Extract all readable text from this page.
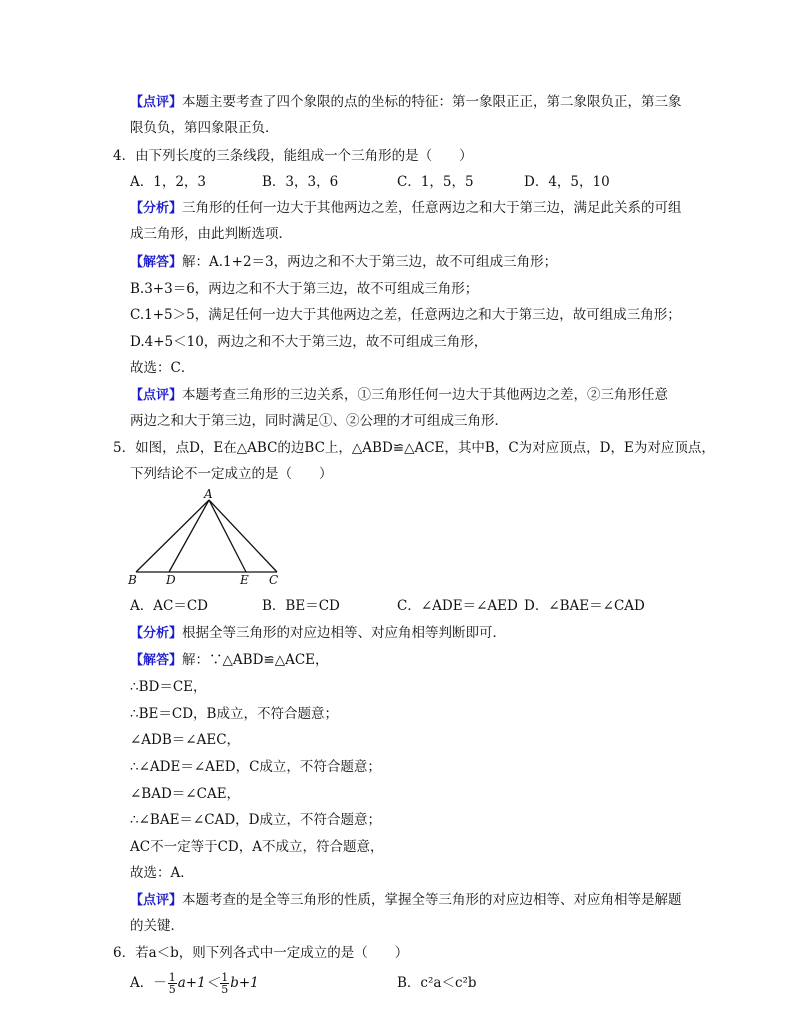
【点评】本题主要考查了四个象限的点的坐标的特征：第一象限正正，第二象限负正，第三象
限负负，第四象限正负．
4．由下列长度的三条线段，能组成一个三角形的是（　　）
A．1，2，3	B．3，3，6	C．1，5，5	D．4，5，10
【分析】三角形的任何一边大于其他两边之差，任意两边之和大于第三边，满足此关系的可组
成三角形，由此判断选项．
【解答】解：A.1+2＝3，两边之和不大于第三边，故不可组成三角形；
B.3+3＝6，两边之和不大于第三边，故不可组成三角形；
C.1+5＞5，满足任何一边大于其他两边之差，任意两边之和大于第三边，故可组成三角形；
D.4+5＜10，两边之和不大于第三边，故不可组成三角形，
故选：C．
【点评】本题考查三角形的三边关系，①三角形任何一边大于其他两边之差，②三角形任意
两边之和大于第三边，同时满足①、②公理的才可组成三角形．
5．如图，点D，E在△ABC的边BC上，△ABD≌△ACE，其中B，C为对应顶点，D，E为对应顶点，
下列结论不一定成立的是（　　）
A
B D	E C
A．AC＝CD	B．BE＝CD	C．∠ADE＝∠AED D．∠BAE＝∠CAD
【分析】根据全等三角形的对应边相等、对应角相等判断即可．
【解答】解：∵△ABD≌△ACE，
∴BD＝CE，
∴BE＝CD，B成立，不符合题意；
∠ADB＝∠AEC，
∴∠ADE＝∠AED，C成立，不符合题意；
∠BAD＝∠CAE，
∴∠BAE＝∠CAD，D成立，不符合题意；
AC不一定等于CD，A不成立，符合题意，
故选：A．
【点评】本题考查的是全等三角形的性质，掌握全等三角形的对应边相等、对应角相等是解题
的关键．
6．若a＜b，则下列各式中一定成立的是（　　）
A．－ $\frac{1}{5} a+1< \frac{1}{5} b+1$	B．c²a＜c²b
